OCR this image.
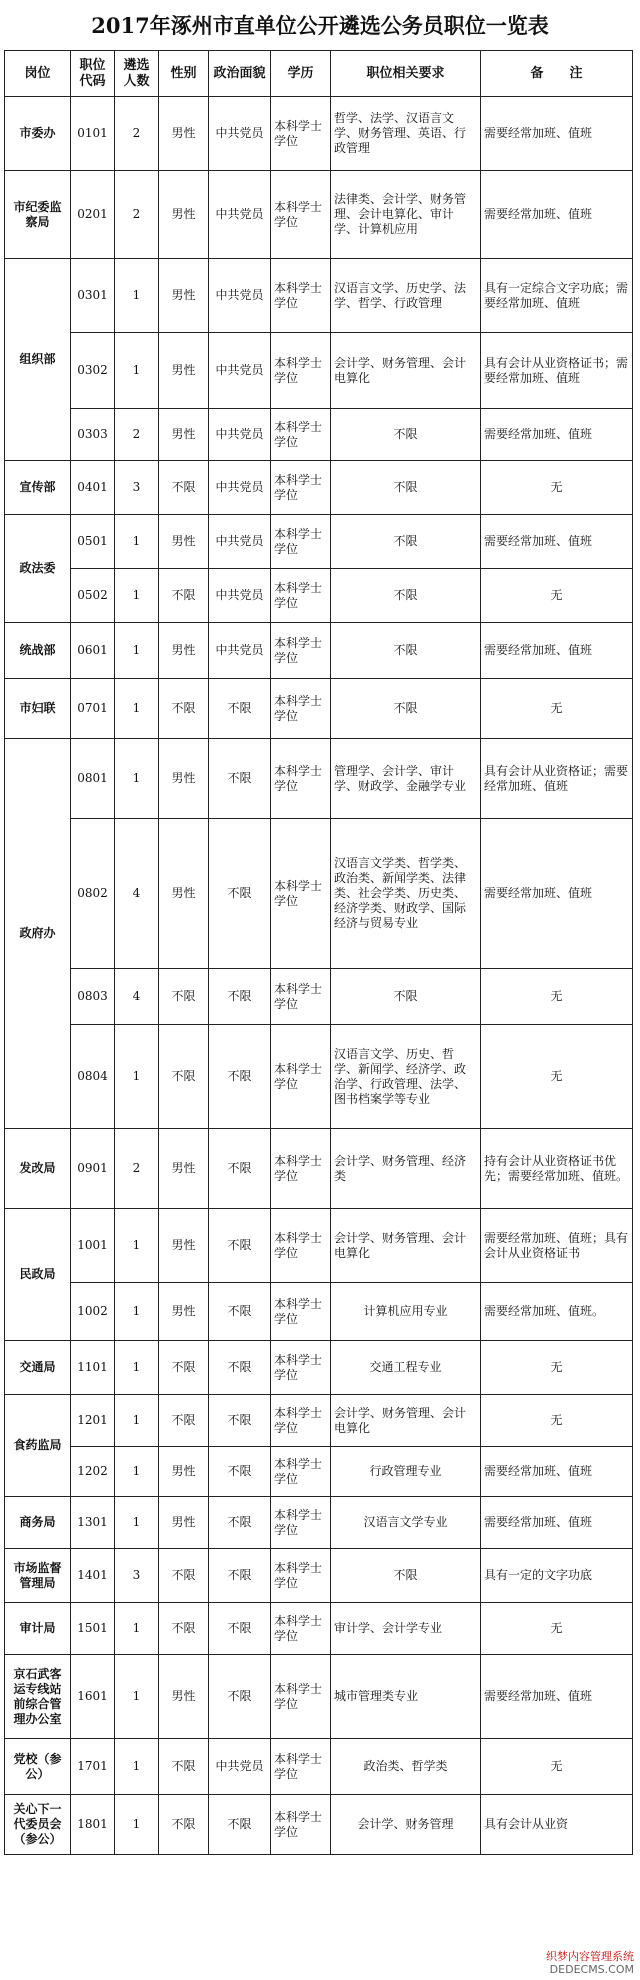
2017年涿州市直单位公开遴选公务员职位一览表
岗位	职位代码	遴选人数	性别	政治面貌	学历	职位相关要求	备　　注
市委办	0101	2	男性	中共党员	本科学士学位	哲学、法学、汉语言文学、财务管理、英语、行政管理	需要经常加班、值班
市纪委监察局	0201	2	男性	中共党员	本科学士学位	法律类、会计学、财务管理、会计电算化、审计学、计算机应用	需要经常加班、值班
组织部	0301	1	男性	中共党员	本科学士学位	汉语言文学、历史学、法学、哲学、行政管理	具有一定综合文字功底；需要经常加班、值班
	0302	1	男性	中共党员	本科学士学位	会计学、财务管理、会计电算化	具有会计从业资格证书；需要经常加班、值班
	0303	2	男性	中共党员	本科学士学位	不限	需要经常加班、值班
宣传部	0401	3	不限	中共党员	本科学士学位	不限	无
政法委	0501	1	男性	中共党员	本科学士学位	不限	需要经常加班、值班
	0502	1	不限	中共党员	本科学士学位	不限	无
统战部	0601	1	男性	中共党员	本科学士学位	不限	需要经常加班、值班
市妇联	0701	1	不限	不限	本科学士学位	不限	无
政府办	0801	1	男性	不限	本科学士学位	管理学、会计学、审计学、财政学、金融学专业	具有会计从业资格证；需要经常加班、值班
	0802	4	男性	不限	本科学士学位	汉语言文学类、哲学类、政治类、新闻学类、法律类、社会学类、历史类、经济学类、财政学、国际经济与贸易专业	需要经常加班、值班
	0803	4	不限	不限	本科学士学位	不限	无
	0804	1	不限	不限	本科学士学位	汉语言文学、历史、哲学、新闻学、经济学、政治学、行政管理、法学、图书档案学等专业	无
发改局	0901	2	男性	不限	本科学士学位	会计学、财务管理、经济类	持有会计从业资格证书优先；需要经常加班、值班。
民政局	1001	1	男性	不限	本科学士学位	会计学、财务管理、会计电算化	需要经常加班、值班；具有会计从业资格证书
	1002	1	男性	不限	本科学士学位	计算机应用专业	需要经常加班、值班。
交通局	1101	1	不限	不限	本科学士学位	交通工程专业	无
食药监局	1201	1	不限	不限	本科学士学位	会计学、财务管理、会计电算化	无
	1202	1	男性	不限	本科学士学位	行政管理专业	需要经常加班、值班
商务局	1301	1	男性	不限	本科学士学位	汉语言文学专业	需要经常加班、值班
市场监督管理局	1401	3	不限	不限	本科学士学位	不限	具有一定的文字功底
审计局	1501	1	不限	不限	本科学士学位	审计学、会计学专业	无
京石武客运专线站前综合管理办公室	1601	1	男性	不限	本科学士学位	城市管理类专业	需要经常加班、值班
党校（参公）	1701	1	不限	中共党员	本科学士学位	政治类、哲学类	无
关心下一代委员会（参公）	1801	1	不限	不限	本科学士学位	会计学、财务管理	具有会计从业资
织梦内容管理系统
DEDECMS.COM
